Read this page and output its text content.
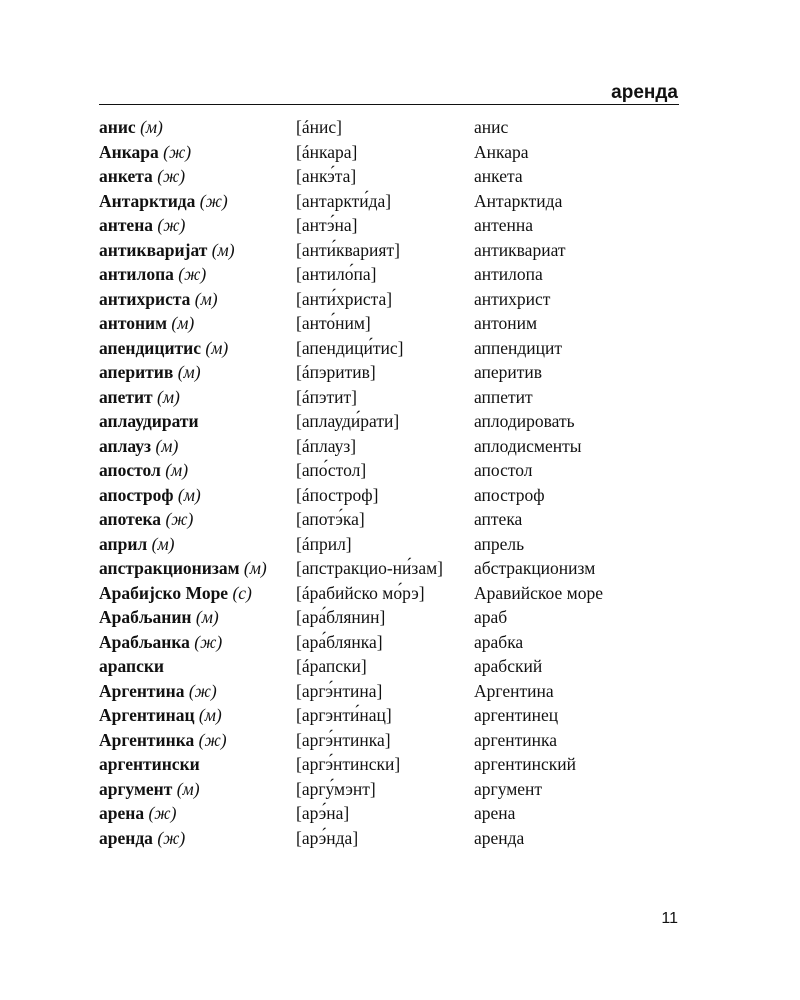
аренда
анис (м)	[áнис]	анис
Анкара (ж)	[áнкара]	Анкара
анкета (ж)	[анкэ́та]	анкета
Антарктида (ж)	[антаркти́да]	Антарктида
антена (ж)	[антэ́на]	антенна
антикваријат (м)	[анти́кварият]	антиквариат
антилопа (ж)	[антило́па]	антилопа
антихриста (м)	[анти́христа]	антихрист
антоним (м)	[анто́ним]	антоним
апендицитис (м)	[апендици́тис]	аппендицит
аперитив (м)	[áпэритив]	аперитив
апетит (м)	[áпэтит]	аппетит
аплаудирати	[аплауди́рати]	аплодировать
аплауз (м)	[áплауз]	аплодисменты
апостол (м)	[апо́стол]	апостол
апостроф (м)	[áпостроф]	апостроф
апотека (ж)	[апотэ́ка]	аптека
април (м)	[áприл]	апрель
апстракционизам (м)	[апстракцио-ни́зам]	абстракционизм
Арабијско Море (с)	[áрабийско мо́рэ]	Аравийское море
Арабљанин (м)	[ара́блянин]	араб
Арабљанка (ж)	[ара́блянка]	арабка
арапски	[áрапски]	арабский
Аргентина (ж)	[аргэ́нтина]	Аргентина
Аргентинац (м)	[аргэнти́нац]	аргентинец
Аргентинка (ж)	[аргэ́нтинка]	аргентинка
аргентински	[аргэ́нтински]	аргентинский
аргумент (м)	[аргу́мэнт]	аргумент
арена (ж)	[арэ́на]	арена
аренда (ж)	[арэ́нда]	аренда
11
